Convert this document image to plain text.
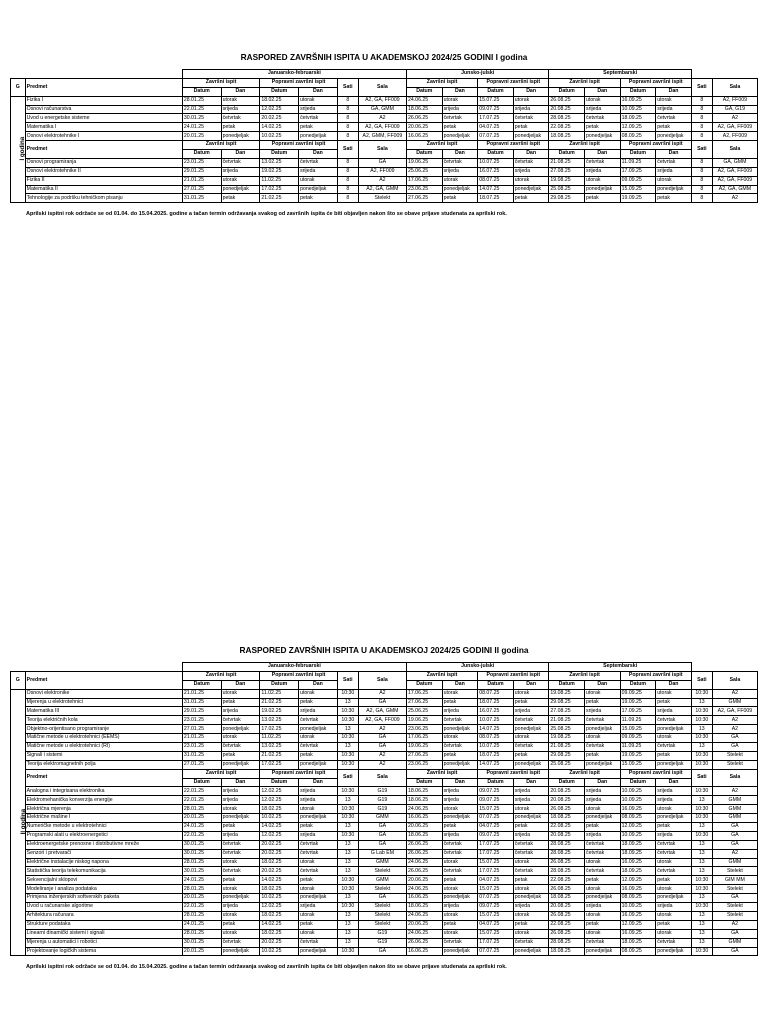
RASPORED ZAVRŠNIH ISPITA U AKADEMSKOJ 2024/25 GODINI I godina
		Januarsko-februarski						Junsko-julski				Septembarski					
G	Predmet	Završni ispit		Popravni završni ispit		Sati	Sala	Završni ispit		Popravni završni ispit		Završni ispit		Popravni završni ispit		Sati	Sala
		Datum	Dan	Datum	Dan			Datum	Dan	Datum	Dan	Datum	Dan	Datum	Dan		
I godina	Fizika I	28.01.25	utorak	18.02.25	utorak	8	A2, GA, FF009	24.06.25	utorak	15.07.25	utorak	26.08.25	utorak	16.09.25	utorak	8	A2, FF009
	Osnovi računarstva	22.01.25	srijeda	12.02.25	srijeda	8	GA, GMM	18.06.25	srijeda	09.07.25	srijeda	20.08.25	srijeda	10.09.25	srijeda	8	GA, G19
	Uvod u energetske sisteme	30.01.25	četvrtak	20.02.25	četvrtak	8	A2	26.06.25	četvrtak	17.07.25	četvrtak	28.08.25	četvrtak	18.09.25	četvrtak	8	A2
	Matematika I	24.01.25	petak	14.02.25	petak	8	A2, GA, FF009	20.06.25	petak	04.07.25	petak	22.08.25	petak	12.09.25	petak	8	A2, GA, FF009
	Osnovi elektrotehnike I	20.01.25	ponedjeljak	10.02.25	ponedjeljak	8	A2, GMM, FF009	16.06.25	ponedjeljak	07.07.25	ponedjeljak	18.08.25	ponedjeljak	08.09.25	ponedjeljak	8	A2, FF009
	Predmet	Završni ispit		Popravni završni ispit		Sati	Sala	Završni ispit		Popravni završni ispit		Završni ispit		Popravni završni ispit		Sati	Sala
		Datum	Dan	Datum	Dan			Datum	Dan	Datum	Dan	Datum	Dan	Datum	Dan		
	Osnovi programiranja	23.01.25	četvrtak	13.02.25	četvrtak	8	GA	19.06.25	četvrtak	10.07.25	četvrtak	21.08.25	četvrtak	11.09.25	četvrtak	8	GA, GMM
	Osnovi elektrotehnike II	29.01.25	srijeda	19.02.25	srijeda	8	A2, FF009	25.06.25	srijeda	16.07.25	srijeda	27.08.25	srijeda	17.09.25	srijeda	8	A2, GA, FF009
	Fizika II	21.01.25	utorak	11.02.25	utorak	8	A2	17.06.25	utorak	08.07.25	utorak	19.08.25	utorak	09.09.25	utorak	8	A2, GA, FF009
	Matematika II	27.01.25	ponedjeljak	17.02.25	ponedjeljak	8	A2, GA, GMM	23.06.25	ponedjeljak	14.07.25	ponedjeljak	25.08.25	ponedjeljak	15.09.25	ponedjeljak	8	A2, GA, GMM
	Tehnologije za podršku tehničkom pisanju	31.01.25	petak	21.02.25	petak	8	Stelekt	27.06.25	petak	18.07.25	petak	29.08.25	petak	19.09.25	petak	8	A2
Aprilski ispitni rok održaće se od 01.04. do 15.04.2025. godine a tačan termin održavanja svakog od završnih ispita će biti objavljen nakon što se obave prijave studenata za aprilski rok.
RASPORED ZAVRŠNIH ISPITA U AKADEMSKOJ 2024/25 GODINI II godina
		Januarsko-februarski						Junsko-julski				Septembarski					
G	Predmet	Završni ispit		Popravni završni ispit		Sati	Sala	Završni ispit		Popravni završni ispit		Završni ispit		Popravni završni ispit		Sati	Sala
		Datum	Dan	Datum	Dan			Datum	Dan	Datum	Dan	Datum	Dan	Datum	Dan		
II godina	Osnovi elektronike	21.01.25	utorak	11.02.25	utorak	10:30	A2	17.06.25	utorak	08.07.25	utorak	19.08.25	utorak	09.09.25	utorak	10:30	A2
	Mjerenja u elektrotehnici	31.01.25	petak	21.02.25	petak	13	GA	27.06.25	petak	18.07.25	petak	29.08.25	petak	19.09.25	petak	13	GMM
	Matematika III	29.01.25	srijeda	19.02.25	srijeda	10:30	A2, GA, GMM	25.06.25	srijeda	16.07.25	srijeda	27.08.25	srijeda	17.09.25	srijeda	10:30	A2, GA, FF009
	Teorija električnih kola	23.01.25	četvrtak	13.02.25	četvrtak	10:30	A2, GA, FF009	19.06.25	četvrtak	10.07.25	četvrtak	21.08.25	četvrtak	11.09.25	četvrtak	10:30	A2
	Objektno-orijentisano programiranje	27.01.25	ponedjeljak	17.02.25	ponedjeljak	13	A2	23.06.25	ponedjeljak	14.07.25	ponedjeljak	25.08.25	ponedjeljak	15.09.25	ponedjeljak	13	A2
	Matične metode u elektrotehnici (EEMS)	21.01.25	utorak	11.02.25	utorak	10:30	GA	17.06.25	utorak	08.07.25	utorak	19.08.25	utorak	09.09.25	utorak	10:30	GA
	Matične metode u elektrotehnici (RI)	23.01.25	četvrtak	13.02.25	četvrtak	13	GA	19.06.25	četvrtak	10.07.25	četvrtak	21.08.25	četvrtak	11.09.25	četvrtak	13	GA
	Signali i sistemi	31.01.25	petak	21.02.25	petak	10:30	A2	27.06.25	petak	18.07.25	petak	29.08.25	petak	19.09.25	petak	10:30	Stelekt
	Teorija elektromagnetnih polja	27.01.25	ponedjeljak	17.02.25	ponedjeljak	10:30	A2	23.06.25	ponedjeljak	14.07.25	ponedjeljak	25.08.25	ponedjeljak	15.09.25	ponedjeljak	10:30	Stelekt
	Predmet	Završni ispit		Popravni završni ispit		Sati	Sala	Završni ispit		Popravni završni ispit		Završni ispit		Popravni završni ispit		Sati	Sala
		Datum	Dan	Datum	Dan			Datum	Dan	Datum	Dan	Datum	Dan	Datum	Dan		
	Analogna i integrisana elektronika	22.01.25	srijeda	12.02.25	srijeda	10:30	G19	18.06.25	srijeda	09.07.25	srijeda	20.08.25	srijeda	10.09.25	srijeda	10:30	A2
	Elektromehanička konverzija energije	22.01.25	srijeda	12.02.25	srijeda	13	G19	18.06.25	srijeda	09.07.25	srijeda	20.08.25	srijeda	10.09.25	srijeda	13	GMM
	Električna mjerenja	28.01.25	utorak	18.02.25	utorak	10:30	G19	24.06.25	utorak	15.07.25	utorak	26.08.25	utorak	16.09.25	utorak	10:30	GMM
	Električne mašine I	20.01.25	ponedjeljak	10.02.25	ponedjeljak	10:30	GMM	16.06.25	ponedjeljak	07.07.25	ponedjeljak	18.08.25	ponedjeljak	08.09.25	ponedjeljak	10:30	GMM
	Numeričke metode u elektrotehnici	24.01.25	petak	14.02.25	petak	13	GA	20.06.25	petak	04.07.25	petak	22.08.25	petak	12.09.25	petak	13	GA
	Programski alati u elektroenergetici	22.01.25	srijeda	12.02.25	srijeda	10:30	GA	18.06.25	srijeda	09.07.25	srijeda	20.08.25	srijeda	10.09.25	srijeda	10:30	GA
	Elektroenergetske prenosne i distributivne mreže	30.01.25	četvrtak	20.02.25	četvrtak	13	GA	26.06.25	četvrtak	17.07.25	četvrtak	28.08.25	četvrtak	18.09.25	četvrtak	13	GA
	Senzori i pretvarači	30.01.25	četvrtak	20.02.25	četvrtak	13	G Lab EM	26.06.25	četvrtak	17.07.25	četvrtak	28.08.25	četvrtak	18.09.25	četvrtak	13	A2
	Električne instalacije niskog napona	28.01.25	utorak	18.02.25	utorak	13	GMM	24.06.25	utorak	15.07.25	utorak	26.08.25	utorak	16.09.25	utorak	13	GMM
	Statistička teorija telekomunikacija	30.01.25	četvrtak	20.02.25	četvrtak	13	Stelekt	26.06.25	četvrtak	17.07.25	četvrtak	28.08.25	četvrtak	18.09.25	četvrtak	13	Stelekt
	Sekvencijalni sklopovi	24.01.25	petak	14.02.25	petak	10:30	GMM	20.06.25	petak	04.07.25	petak	22.08.25	petak	12.09.25	petak	10:30	GIM MM
	Modeliranje i analiza podataka	28.01.25	utorak	18.02.25	utorak	10:30	Stelekt	24.06.25	utorak	15.07.25	utorak	26.08.25	utorak	16.09.25	utorak	10:30	Stelekt
	Primjena inženjerskih softverskih paketa	20.01.25	ponedjeljak	10.02.25	ponedjeljak	13	GA	16.06.25	ponedjeljak	07.07.25	ponedjeljak	18.08.25	ponedjeljak	08.09.25	ponedjeljak	13	GA
	Uvod u računarske algoritme	22.01.25	srijeda	12.02.25	srijeda	10:30	Stelekt	18.06.25	srijeda	09.07.25	srijeda	20.08.25	srijeda	10.09.25	srijeda	10:30	Stelekt
	Arhitektura računara	28.01.25	utorak	18.02.25	utorak	13	Stelekt	24.06.25	utorak	15.07.25	utorak	26.08.25	utorak	16.09.25	utorak	13	Stelekt
	Strukture podataka	24.01.25	petak	14.02.25	petak	13	Stelekt	20.06.25	petak	04.07.25	petak	22.08.25	petak	12.09.25	petak	13	A2
	Linearni dinamički sistemi i signali	28.01.25	utorak	18.02.25	utorak	13	G19	24.06.25	utorak	15.07.25	utorak	26.08.25	utorak	16.09.25	utorak	13	GA
	Mjerenja u automatici i robotici	30.01.25	četvrtak	20.02.25	četvrtak	13	G19	26.06.25	četvrtak	17.07.25	četvrtak	28.08.25	četvrtak	18.09.25	četvrtak	13	GMM
	Projektovanje logičkih sistema	20.01.25	ponedjeljak	10.02.25	ponedjeljak	10:30	GA	16.06.25	ponedjeljak	07.07.25	ponedjeljak	18.08.25	ponedjeljak	08.09.25	ponedjeljak	10:30	GA
Aprilski ispitni rok održaće se od 01.04. do 15.04.2025. godine a tačan termin održavanja svakog od završnih ispita će biti objavljen nakon što se obave prijave studenata za aprilski rok.
